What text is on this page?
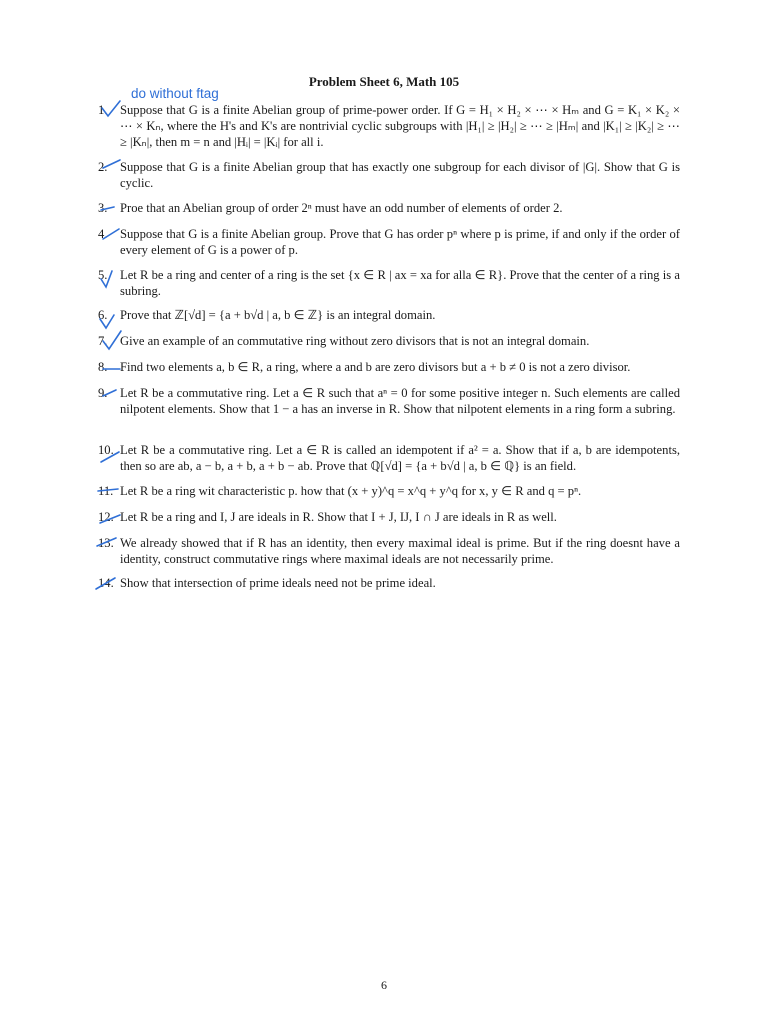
Problem Sheet 6, Math 105
do without ftag
1. Suppose that G is a finite Abelian group of prime-power order. If G = H₁ × H₂ × ⋯ × Hₘ and G = K₁ × K₂ × ⋯ × Kₙ, where the H's and K's are nontrivial cyclic subgroups with |H₁| ≥ |H₂| ≥ ⋯ ≥ |Hₘ| and |K₁| ≥ |K₂| ≥ ⋯ ≥ |Kₙ|, then m = n and |Hᵢ| = |Kᵢ| for all i.
2. Suppose that G is a finite Abelian group that has exactly one subgroup for each divisor of |G|. Show that G is cyclic.
3. Proe that an Abelian group of order 2ⁿ must have an odd number of elements of order 2.
4. Suppose that G is a finite Abelian group. Prove that G has order pⁿ where p is prime, if and only if the order of every element of G is a power of p.
5. Let R be a ring and center of a ring is the set {x ∈ R | ax = xa for alla ∈ R}. Prove that the center of a ring is a subring.
6. Prove that ℤ[√d] = {a + b√d | a, b ∈ ℤ} is an integral domain.
7. Give an example of an commutative ring without zero divisors that is not an integral domain.
8. Find two elements a, b ∈ R, a ring, where a and b are zero divisors but a + b ≠ 0 is not a zero divisor.
9. Let R be a commutative ring. Let a ∈ R such that aⁿ = 0 for some positive integer n. Such elements are called nilpotent elements. Show that 1 − a has an inverse in R. Show that nilpotent elements in a ring form a subring.
10. Let R be a commutative ring. Let a ∈ R is called an idempotent if a² = a. Show that if a, b are idempotents, then so are ab, a − b, a + b, a + b − ab. Prove that ℚ[√d] = {a + b√d | a, b ∈ ℚ} is an field.
11. Let R be a ring wit characteristic p. how that (x + y)^q = x^q + y^q for x, y ∈ R and q = pⁿ.
12. Let R be a ring and I, J are ideals in R. Show that I + J, IJ, I ∩ J are ideals in R as well.
13. We already showed that if R has an identity, then every maximal ideal is prime. But if the ring doesnt have a identity, construct commutative rings where maximal ideals are not necessarily prime.
14. Show that intersection of prime ideals need not be prime ideal.
6
